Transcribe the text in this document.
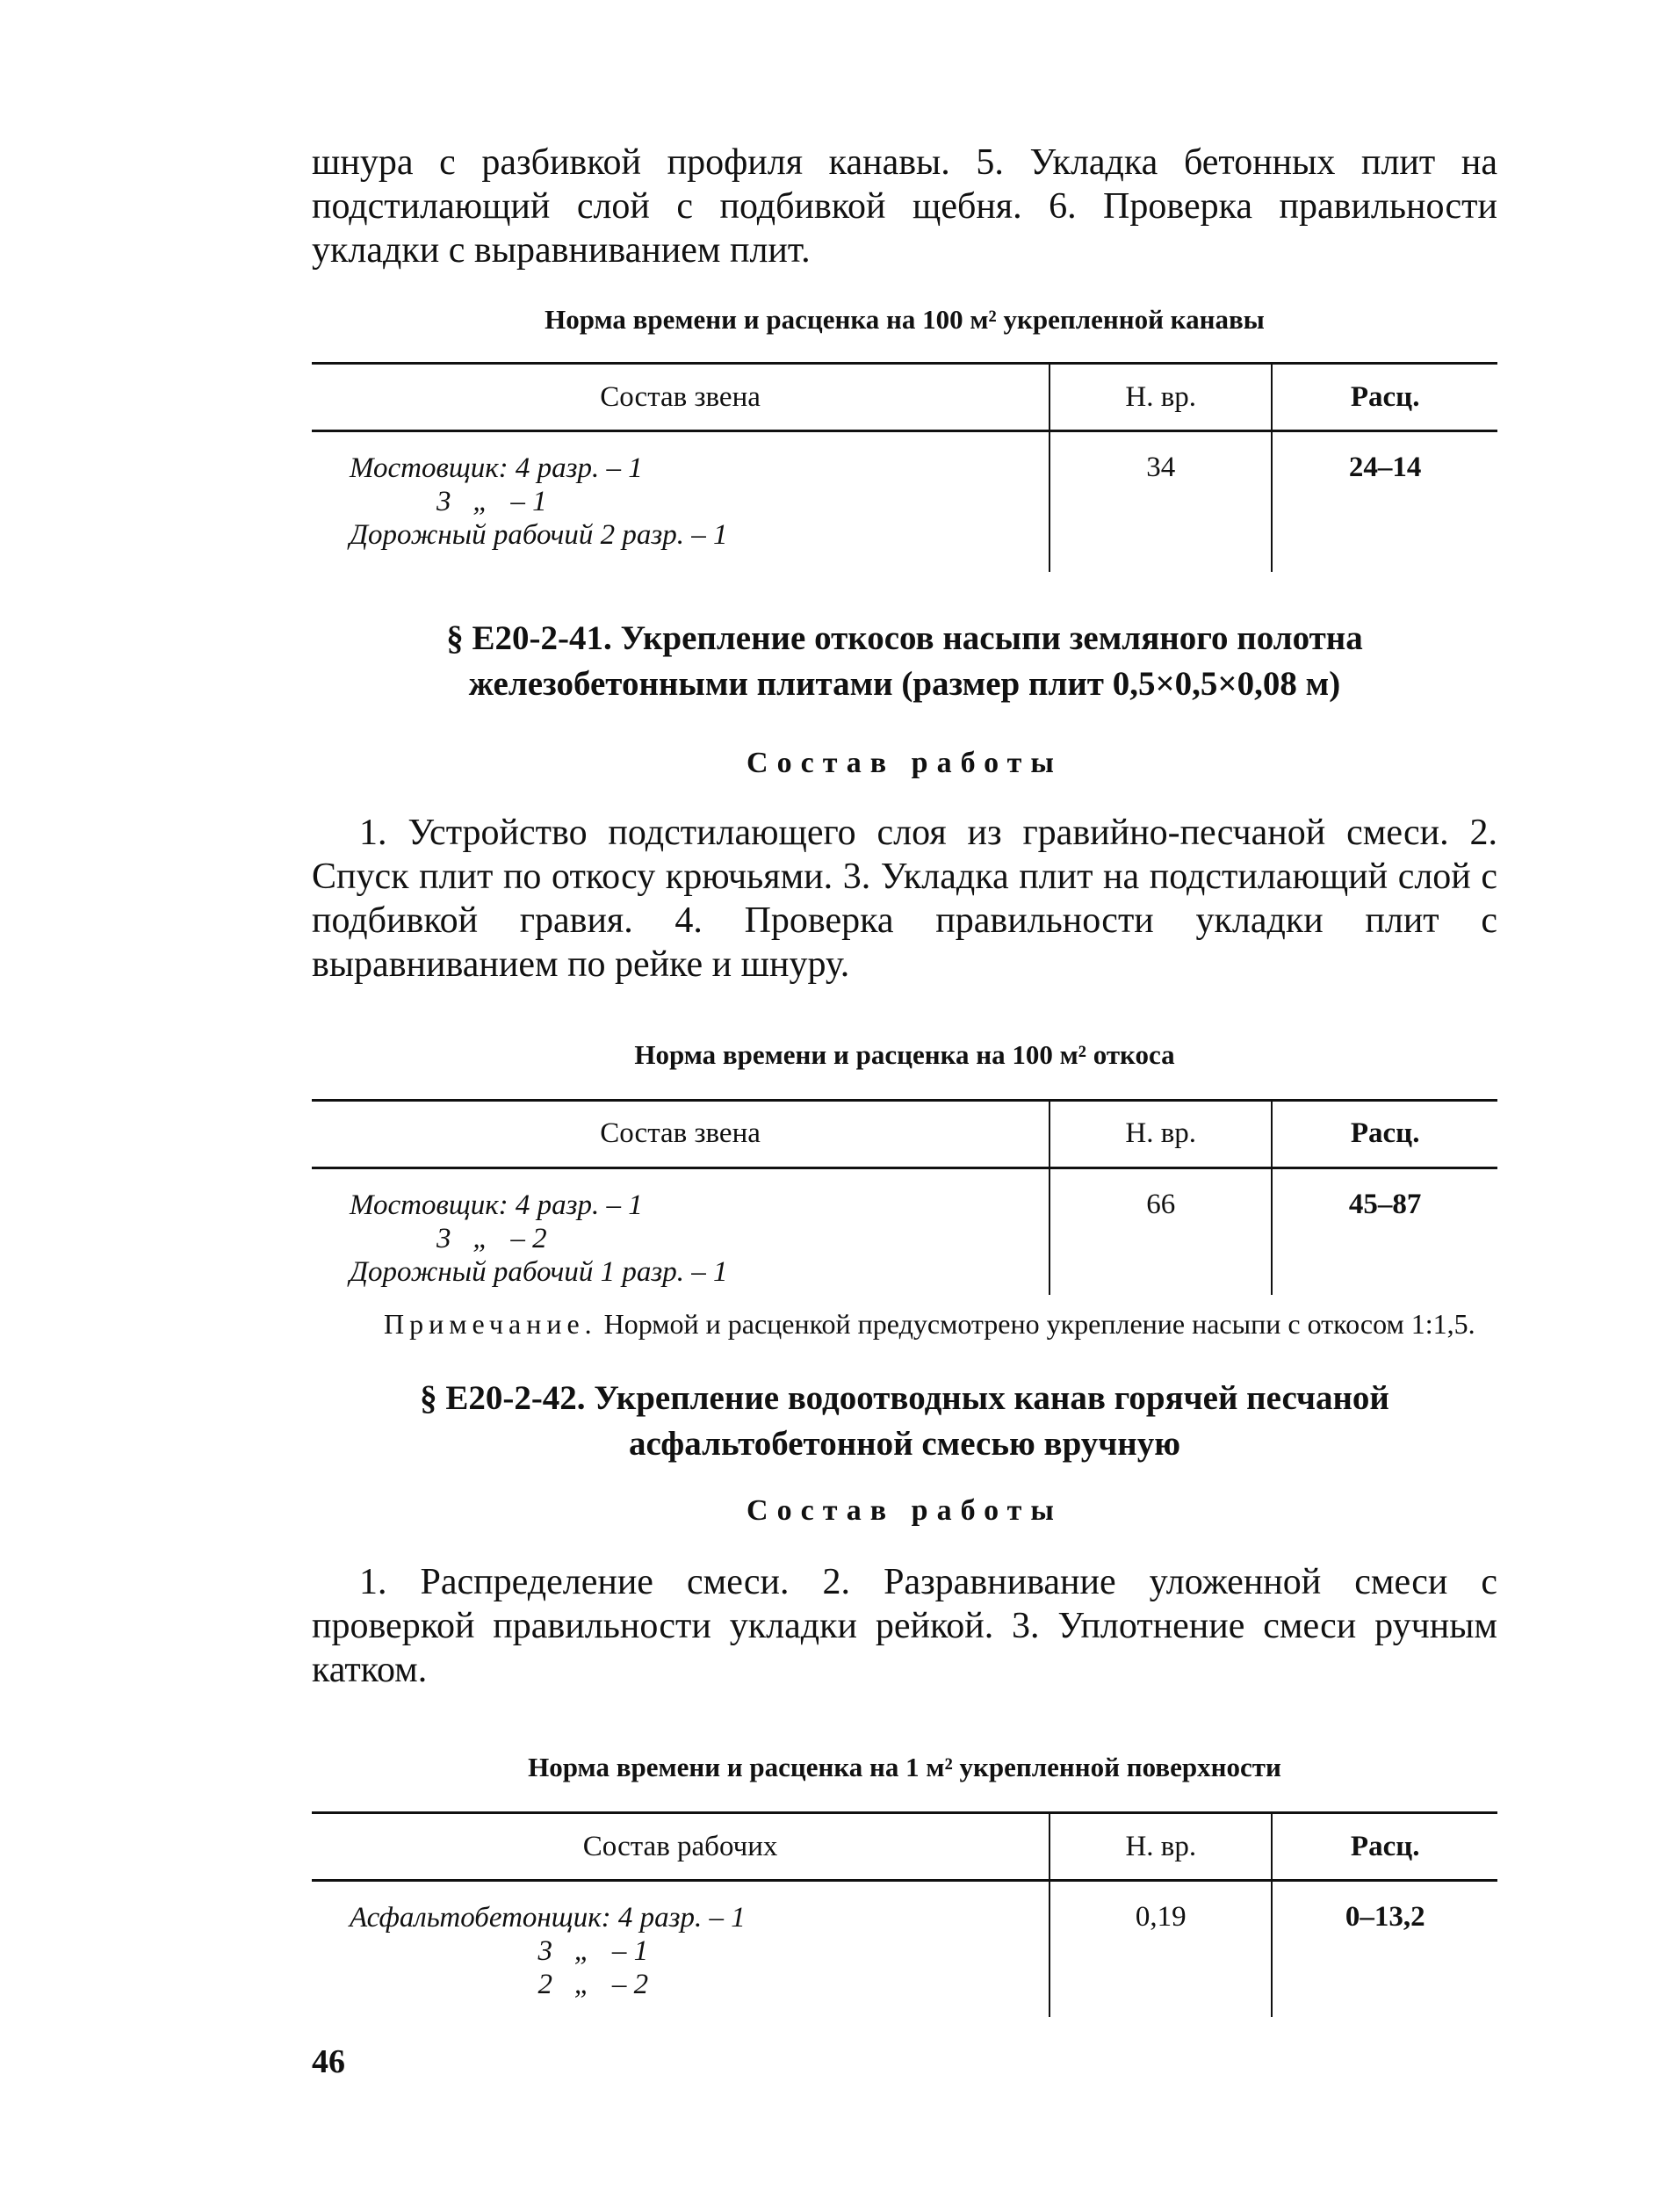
шнура с разбивкой профиля канавы. 5. Укладка бетонных плит на подстилающий слой с подбивкой щебня. 6. Проверка правильности укладки с выравниванием плит.

Норма времени и расценка на 100 м² укрепленной канавы
Состав звена	Н. вр.	Расц.

Мостовщик: 4 разр. – 1
3   „   – 1
Дорожный рабочий 2 разр. – 1	34	24–14
§ Е20-2-41. Укрепление откосов насыпи земляного полотна
железобетонными плитами (размер плит 0,5×0,5×0,08 м)
Состав работы

1. Устройство подстилающего слоя из гравийно-песчаной смеси. 2. Спуск плит по откосу крючьями. 3. Укладка плит на подстилающий слой с подбивкой гравия. 4. Проверка правильности укладки плит с выравниванием по рейке и шнуру.

Норма времени и расценка на 100 м² откоса
Состав звена	Н. вр.	Расц.

Мостовщик: 4 разр. – 1
3   „   – 2
Дорожный рабочий 1 разр. – 1	66	45–87

Примечание. Нормой и расценкой предусмотрено укрепление насыпи с откосом 1:1,5.

§ Е20-2-42. Укрепление водоотводных канав горячей песчаной
асфальтобетонной смесью вручную
Состав работы

1. Распределение смеси. 2. Разравнивание уложенной смеси с проверкой правильности укладки рейкой. 3. Уплотнение смеси ручным катком.

Норма времени и расценка на 1 м² укрепленной поверхности
Состав рабочих	Н. вр.	Расц.

Асфальтобетонщик: 4 разр. – 1
3   „   – 1
2   „   – 2	0,19	0–13,2
46
